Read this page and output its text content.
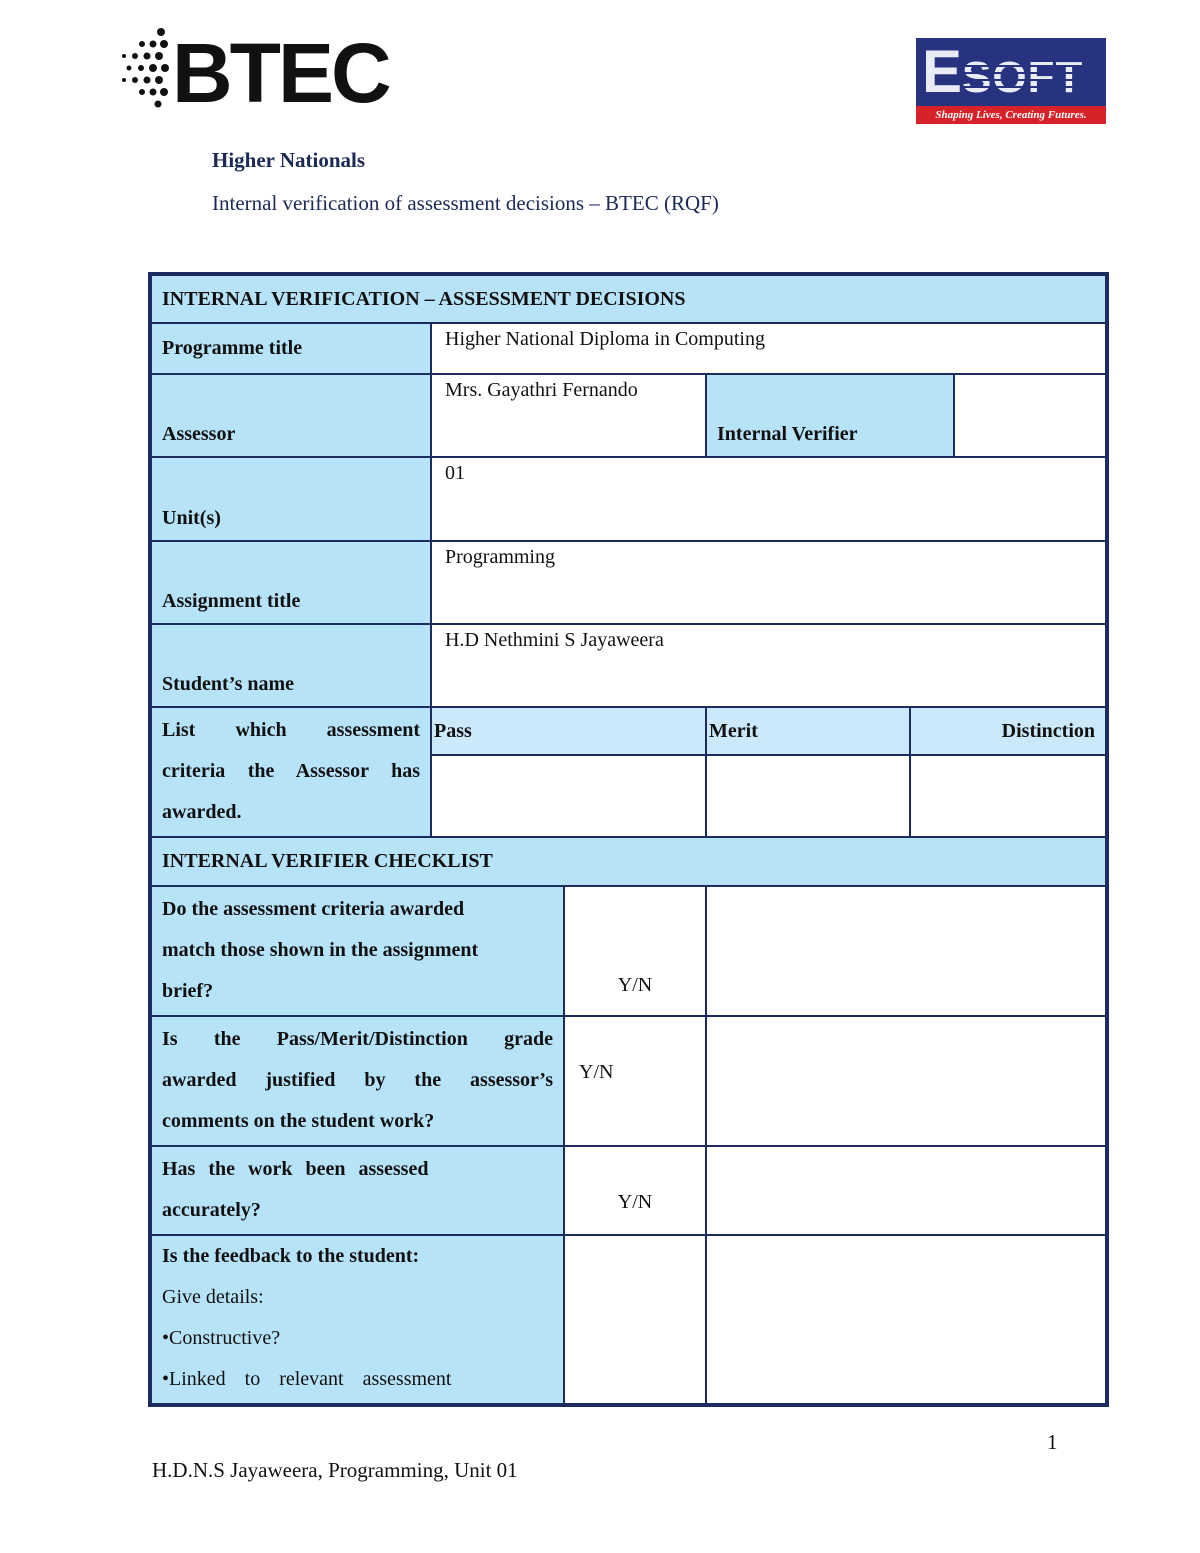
BTEC	ESOFT
Shaping Lives, Creating Futures.
Higher Nationals
Internal verification of assessment decisions – BTEC (RQF)
INTERNAL VERIFICATION – ASSESSMENT DECISIONS					
Programme title	Higher National Diploma in Computing				
Assessor	Mrs. Gayathri Fernando		Internal Verifier		
Unit(s)	01				
Assignment title	Programming				
Student’s name	H.D Nethmini S Jayaweera				

List which assessment
criteria the Assessor has
awarded.	Pass		Merit	Distinction	

INTERNAL VERIFIER CHECKLIST					

Do the assessment criteria awarded
match those shown in the assignment
brief?		Y/N			

Is the Pass/Merit/Distinction grade
awarded justified by the assessor’s
comments on the student work?		Y/N			

Has the work been assessed
accurately?		Y/N			

Is the feedback to the student:
Give details:
•Constructive?
•Linked to relevant assessment					

1
H.D.N.S Jayaweera, Programming, Unit 01
